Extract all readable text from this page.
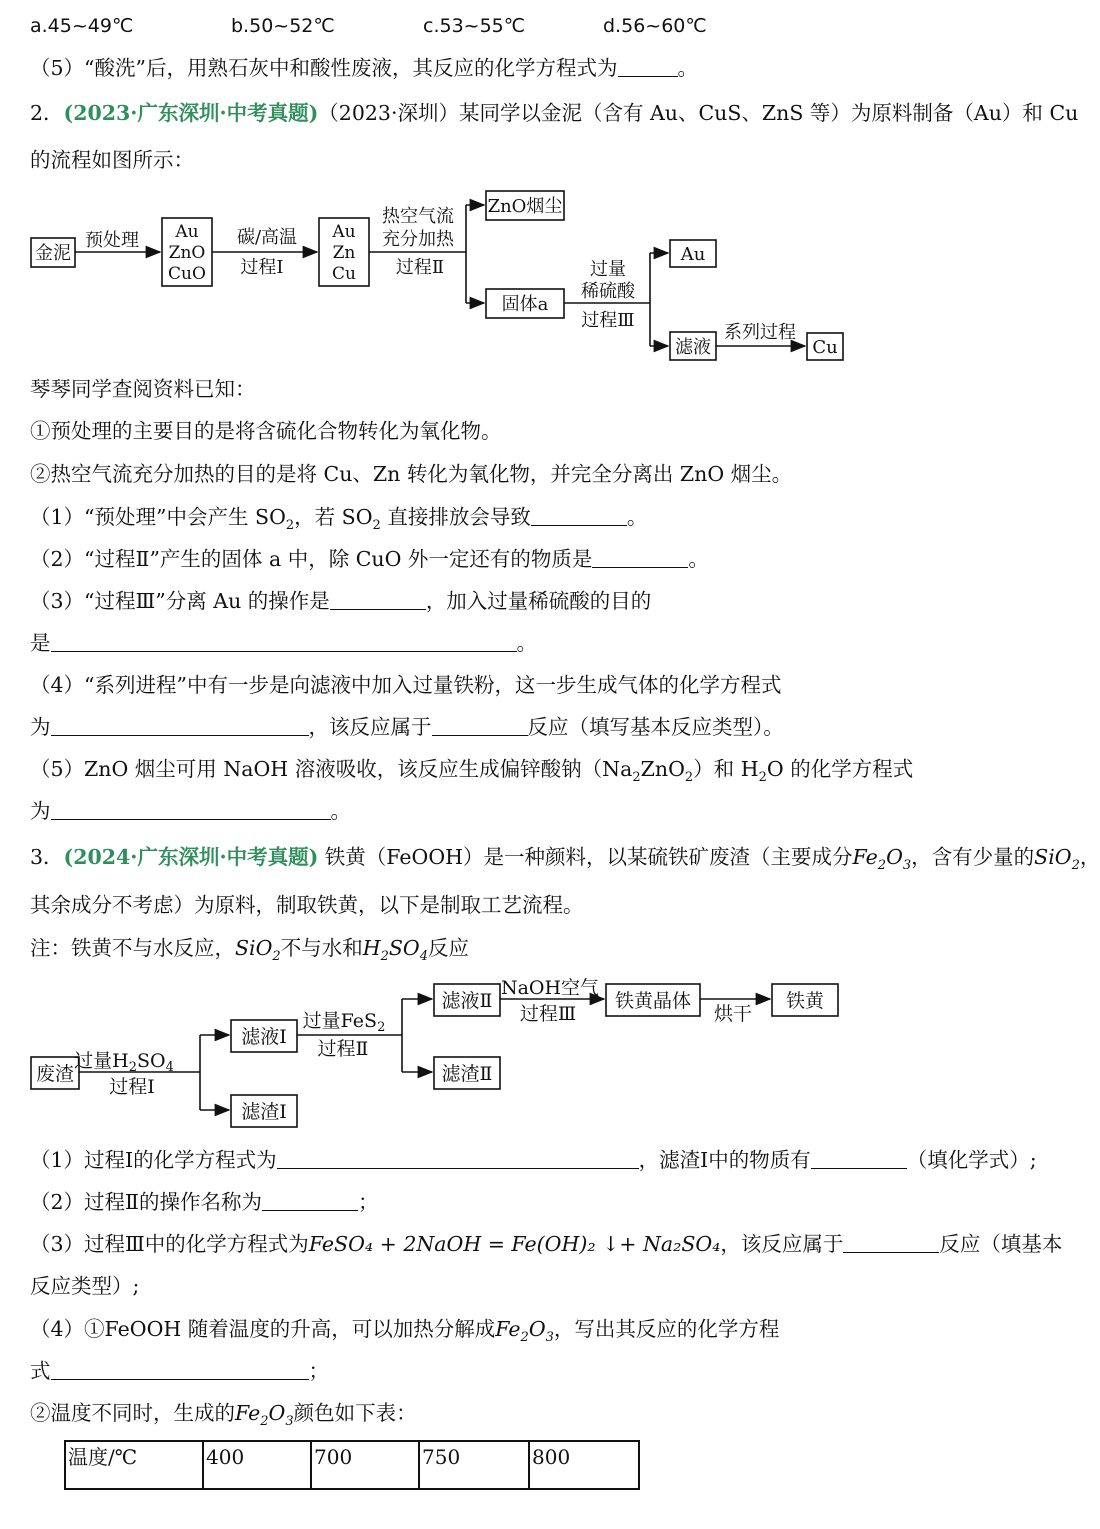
a.45~49℃	b.50~52℃	c.53~55℃	d.56~60℃
（5）“酸洗”后，用熟石灰中和酸性废液，其反应的化学方程式为	。
2．(2023·广东深圳·中考真题)（2023·深圳）某同学以金泥（含有 Au、CuS、ZnS 等）为原料制备（Au）和 Cu
的流程如图所示：
金泥
预处理 Au
ZnO
CuO
碳/高温
过程Ⅰ
Au
Zn
Cu
热空气流
充分加热
过程Ⅱ
ZnO烟尘
固体a
过量
稀硫酸
过程Ⅲ
Au
滤液
系列过程
Cu
琴琴同学查阅资料已知：
①预处理的主要目的是将含硫化合物转化为氧化物。
②热空气流充分加热的目的是将 Cu、Zn 转化为氧化物，并完全分离出 ZnO 烟尘。
（1）“预处理”中会产生 $SO_2$，若 $SO_2$ 直接排放会导致	。
（2）“过程Ⅱ”产生的固体 a 中，除 CuO 外一定还有的物质是	。
（3）“过程Ⅲ”分离 Au 的操作是	，加入过量稀硫酸的目的
是	。
（4）“系列进程”中有一步是向滤液中加入过量铁粉，这一步生成气体的化学方程式
为	，该反应属于	反应（填写基本反应类型）。
（5）ZnO 烟尘可用 NaOH 溶液吸收，该反应生成偏锌酸钠$(Na_2ZnO_2)$和 $H_2O$ 的化学方程式
为	。
3．(2024·广东深圳·中考真题) 铁黄（FeOOH）是一种颜料，以某硫铁矿废渣（主要成分$Fe_2O_3$，含有少量的SiO$_2$，
其余成分不考虑）为原料，制取铁黄，以下是制取工艺流程。
注：铁黄不与水反应，SiO$_2$不与水和$H_2SO_4$反应
废渣
过量$H_2SO_4$
过程Ⅰ
滤液Ⅰ
滤渣Ⅰ
过量FeS$_2$
过程Ⅱ
滤液Ⅱ
滤渣Ⅱ
NaOH空气
过程Ⅲ
铁黄晶体
烘干
铁黄
（1）过程Ⅰ的化学方程式为	，滤渣Ⅰ中的物质有	（填化学式）;
（2）过程Ⅱ的操作名称为	；
（3）过程Ⅲ中的化学方程式为FeSO₄ + 2NaOH = Fe(OH)₂ ↓+ Na₂SO₄，该反应属于	反应（填基本
反应类型）;
（4）①FeOOH 随着温度的升高，可以加热分解成$Fe_2O_3$，写出其反应的化学方程
式	；
②温度不同时，生成的$Fe_2O_3$颜色如下表：
温度/℃	400	700	750	800
